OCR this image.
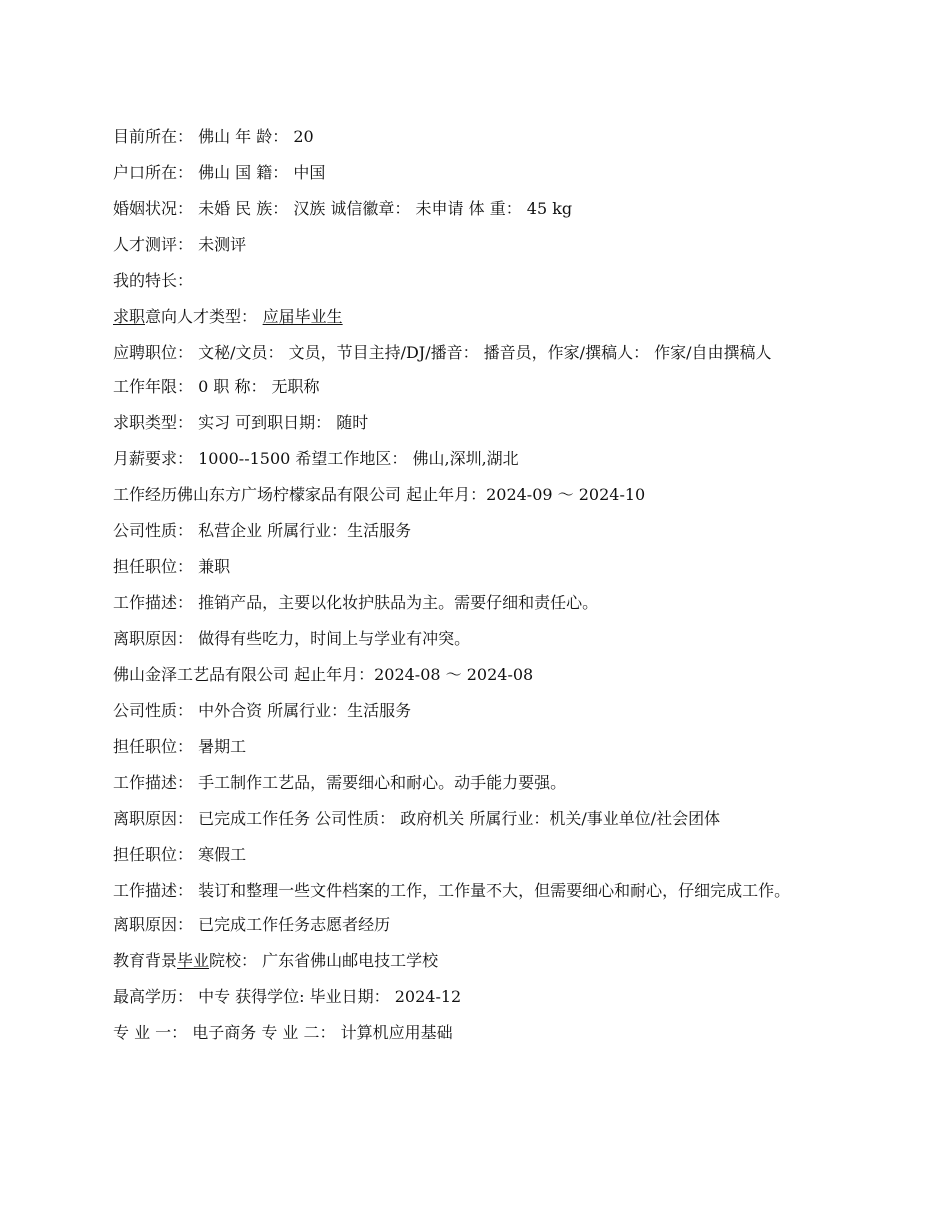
目前所在： 佛山 年 龄： 20
户口所在： 佛山 国 籍： 中国
婚姻状况： 未婚 民 族： 汉族 诚信徽章： 未申请 体 重： 45 kg
人才测评： 未测评
我的特长：
求职意向人才类型： 应届毕业生
应聘职位： 文秘/文员： 文员，节目主持/DJ/播音： 播音员，作家/撰稿人： 作家/自由撰稿人
工作年限： 0 职 称： 无职称
求职类型： 实习 可到职日期： 随时
月薪要求： 1000--1500 希望工作地区： 佛山,深圳,湖北
工作经历佛山东方广场柠檬家品有限公司 起止年月：2024-09 ～ 2024-10
公司性质： 私营企业 所属行业：生活服务
担任职位： 兼职
工作描述： 推销产品，主要以化妆护肤品为主。需要仔细和责任心。
离职原因： 做得有些吃力，时间上与学业有冲突。
佛山金泽工艺品有限公司 起止年月：2024-08 ～ 2024-08
公司性质： 中外合资 所属行业：生活服务
担任职位： 暑期工
工作描述： 手工制作工艺品，需要细心和耐心。动手能力要强。
离职原因： 已完成工作任务 公司性质： 政府机关 所属行业：机关/事业单位/社会团体
担任职位： 寒假工
工作描述： 装订和整理一些文件档案的工作，工作量不大，但需要细心和耐心，仔细完成工作。
离职原因： 已完成工作任务志愿者经历
教育背景毕业院校： 广东省佛山邮电技工学校
最高学历： 中专 获得学位: 毕业日期： 2024-12
专 业 一： 电子商务 专 业 二： 计算机应用基础
